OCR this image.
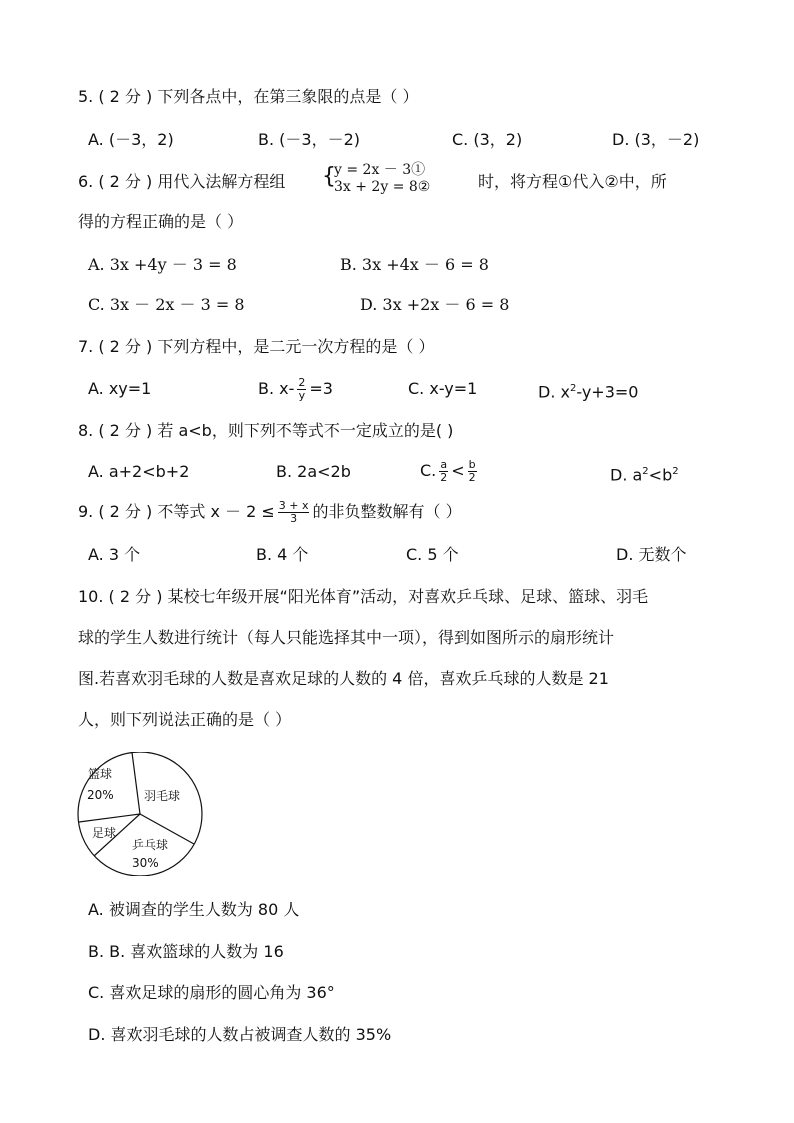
5. ( 2 分 ) 下列各点中，在第三象限的点是（ ）
A. (－3，2)	B. (－3，－2)	C. (3，2)	D. (3，－2)
6. ( 2 分 ) 用代入法解方程组 {
y = 2x － 3①
3x + 2y = 8②	时，将方程①代入②中，所
得的方程正确的是（ ）
A. 3x +4y － 3 = 8	B. 3x +4x － 6 = 8
C. 3x － 2x － 3 = 8	D. 3x +2x － 6 = 8
7. ( 2 分 ) 下列方程中，是二元一次方程的是（ ）
A. xy=1	B. $x- \frac{2}{y} =3$	C. x-y=1	D. $x^2-y+3=0$
8. ( 2 分 ) 若 a<b，则下列不等式不一定成立的是( )
A. a+2<b+2	B. 2a<2b	C. $\frac{a}{2} < \frac{b}{2}$	D. $a^2<b^2$
9. ( 2 分 ) 不等式 $x - 2 \le \frac{3 + x}{3}$ 的非负整数解有（ ）
A. 3 个	B. 4 个	C. 5 个	D. 无数个
10. ( 2 分 ) 某校七年级开展“阳光体育”活动，对喜欢乒乓球、足球、篮球、羽毛
球的学生人数进行统计（每人只能选择其中一项），得到如图所示的扇形统计
图.若喜欢羽毛球的人数是喜欢足球的人数的 4 倍，喜欢乒乓球的人数是 21
人，则下列说法正确的是（ ）
篮球
20%	羽毛球
足球
乒乓球
30%
A. 被调查的学生人数为 80 人
B. B. 喜欢篮球的人数为 16
C. 喜欢足球的扇形的圆心角为 36°
D. 喜欢羽毛球的人数占被调查人数的 35%
